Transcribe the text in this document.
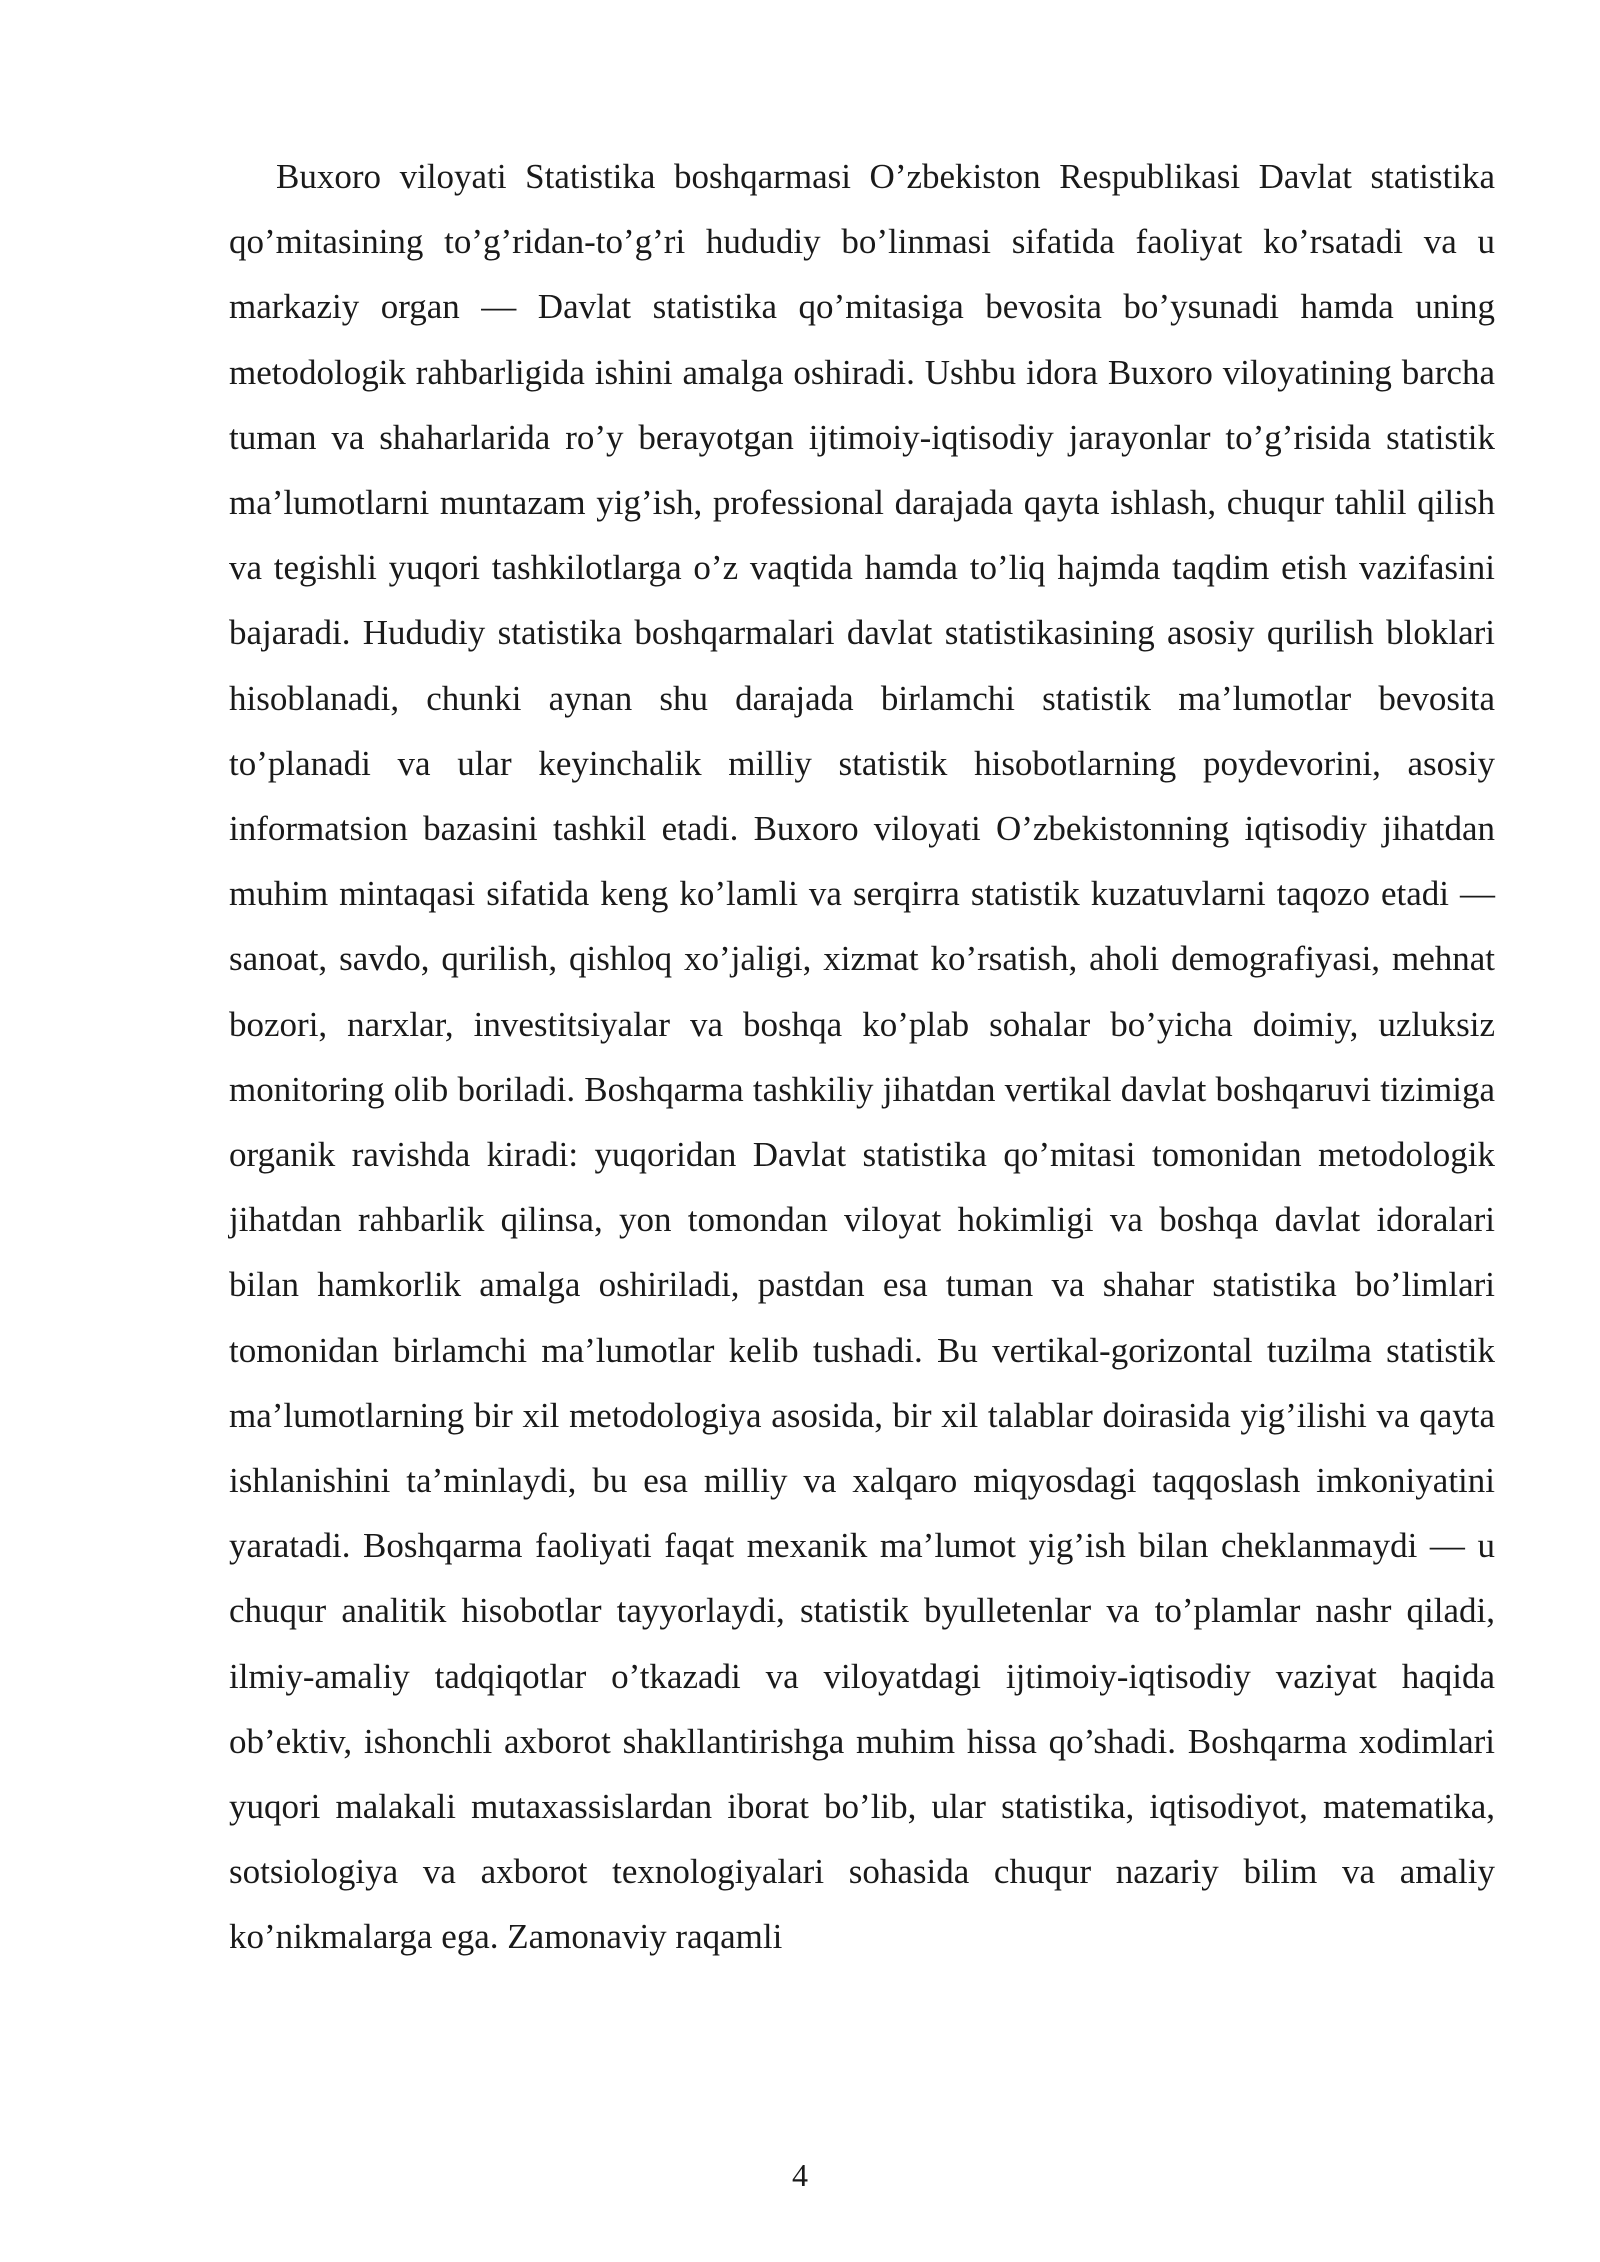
Buxoro viloyati Statistika boshqarmasi O’zbekiston Respublikasi Davlat statistika qo’mitasining to’g’ridan-to’g’ri hududiy bo’linmasi sifatida faoliyat ko’rsatadi va u markaziy organ — Davlat statistika qo’mitasiga bevosita bo’ysunadi hamda uning metodologik rahbarligida ishini amalga oshiradi. Ushbu idora Buxoro viloyatining barcha tuman va shaharlarida ro’y berayotgan ijtimoiy-iqtisodiy jarayonlar to’g’risida statistik ma’lumotlarni muntazam yig’ish, professional darajada qayta ishlash, chuqur tahlil qilish va tegishli yuqori tashkilotlarga o’z vaqtida hamda to’liq hajmda taqdim etish vazifasini bajaradi. Hududiy statistika boshqarmalari davlat statistikasining asosiy qurilish bloklari hisoblanadi, chunki aynan shu darajada birlamchi statistik ma’lumotlar bevosita to’planadi va ular keyinchalik milliy statistik hisobotlarning poydevorini, asosiy informatsion bazasini tashkil etadi. Buxoro viloyati O’zbekistonning iqtisodiy jihatdan muhim mintaqasi sifatida keng ko’lamli va serqirra statistik kuzatuvlarni taqozo etadi — sanoat, savdo, qurilish, qishloq xo’jaligi, xizmat ko’rsatish, aholi demografiyasi, mehnat bozori, narxlar, investitsiyalar va boshqa ko’plab sohalar bo’yicha doimiy, uzluksiz monitoring olib boriladi. Boshqarma tashkiliy jihatdan vertikal davlat boshqaruvi tizimiga organik ravishda kiradi: yuqoridan Davlat statistika qo’mitasi tomonidan metodologik jihatdan rahbarlik qilinsa, yon tomondan viloyat hokimligi va boshqa davlat idoralari bilan hamkorlik amalga oshiriladi, pastdan esa tuman va shahar statistika bo’limlari tomonidan birlamchi ma’lumotlar kelib tushadi. Bu vertikal-gorizontal tuzilma statistik ma’lumotlarning bir xil metodologiya asosida, bir xil talablar doirasida yig’ilishi va qayta ishlanishini ta’minlaydi, bu esa milliy va xalqaro miqyosdagi taqqoslash imkoniyatini yaratadi. Boshqarma faoliyati faqat mexanik ma’lumot yig’ish bilan cheklanmaydi — u chuqur analitik hisobotlar tayyorlaydi, statistik byulletenlar va to’plamlar nashr qiladi, ilmiy-amaliy tadqiqotlar o’tkazadi va viloyatdagi ijtimoiy-iqtisodiy vaziyat haqida ob’ektiv, ishonchli axborot shakllantirishga muhim hissa qo’shadi. Boshqarma xodimlari yuqori malakali mutaxassislardan iborat bo’lib, ular statistika, iqtisodiyot, matematika, sotsiologiya va axborot texnologiyalari sohasida chuqur nazariy bilim va amaliy ko’nikmalarga ega. Zamonaviy raqamli

4
